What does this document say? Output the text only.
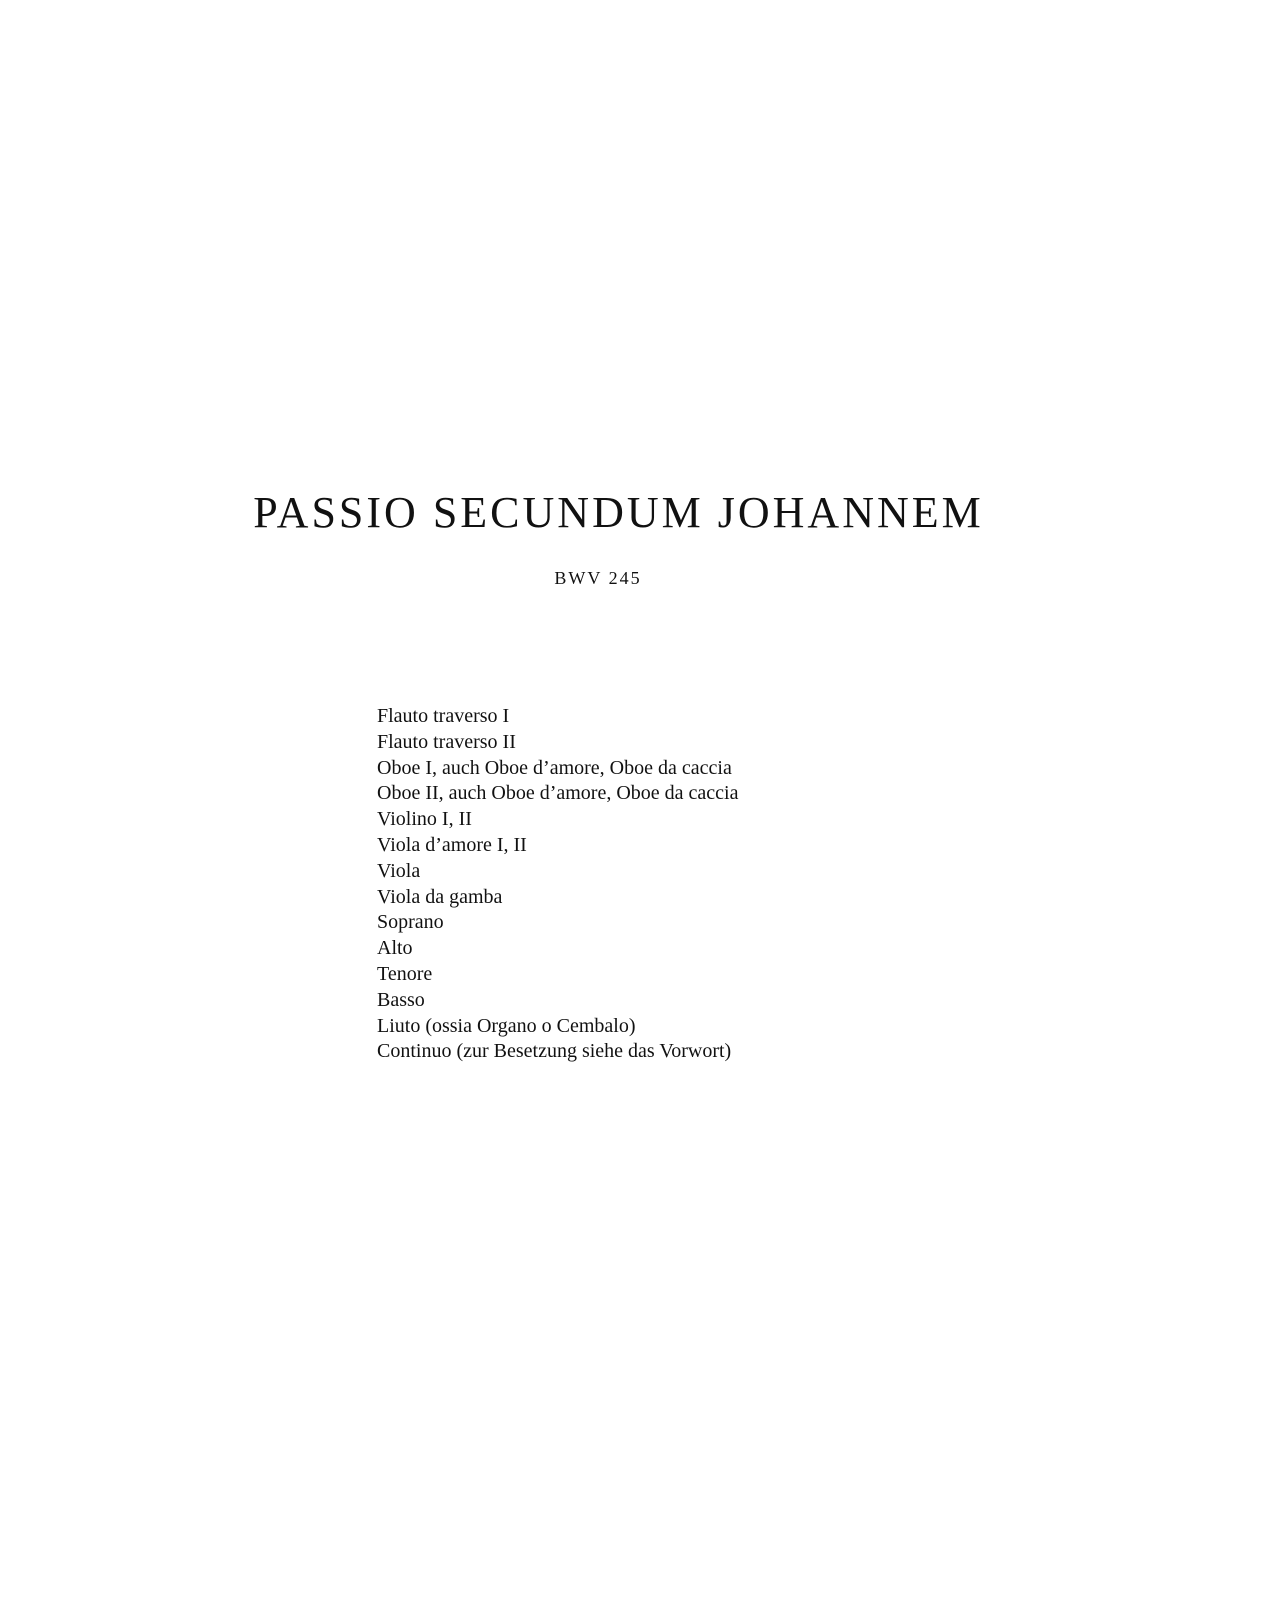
PASSIO SECUNDUM JOHANNEM
BWV 245
Flauto traverso I
Flauto traverso II
Oboe I, auch Oboe d’amore, Oboe da caccia
Oboe II, auch Oboe d’amore, Oboe da caccia
Violino I, II
Viola d’amore I, II
Viola
Viola da gamba
Soprano
Alto
Tenore
Basso
Liuto (ossia Organo o Cembalo)
Continuo (zur Besetzung siehe das Vorwort)
